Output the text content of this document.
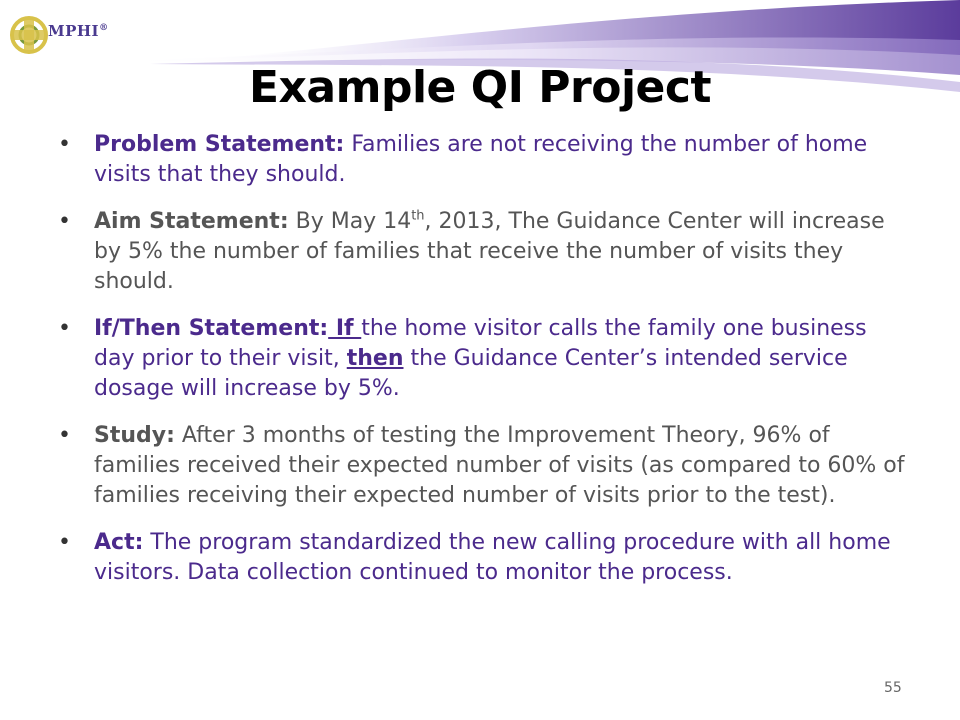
MPHI®
Example QI Project
• Problem Statement: Families are not receiving the number of home visits that they should.
• Aim Statement: By May 14th, 2013, The Guidance Center will increase by 5% the number of families that receive the number of visits they should.
• If/Then Statement: If the home visitor calls the family one business day prior to their visit, then the Guidance Center’s intended service dosage will increase by 5%.
• Study: After 3 months of testing the Improvement Theory, 96% of families received their expected number of visits (as compared to 60% of families receiving their expected number of visits prior to the test).
• Act: The program standardized the new calling procedure with all home visitors. Data collection continued to monitor the process.
55
